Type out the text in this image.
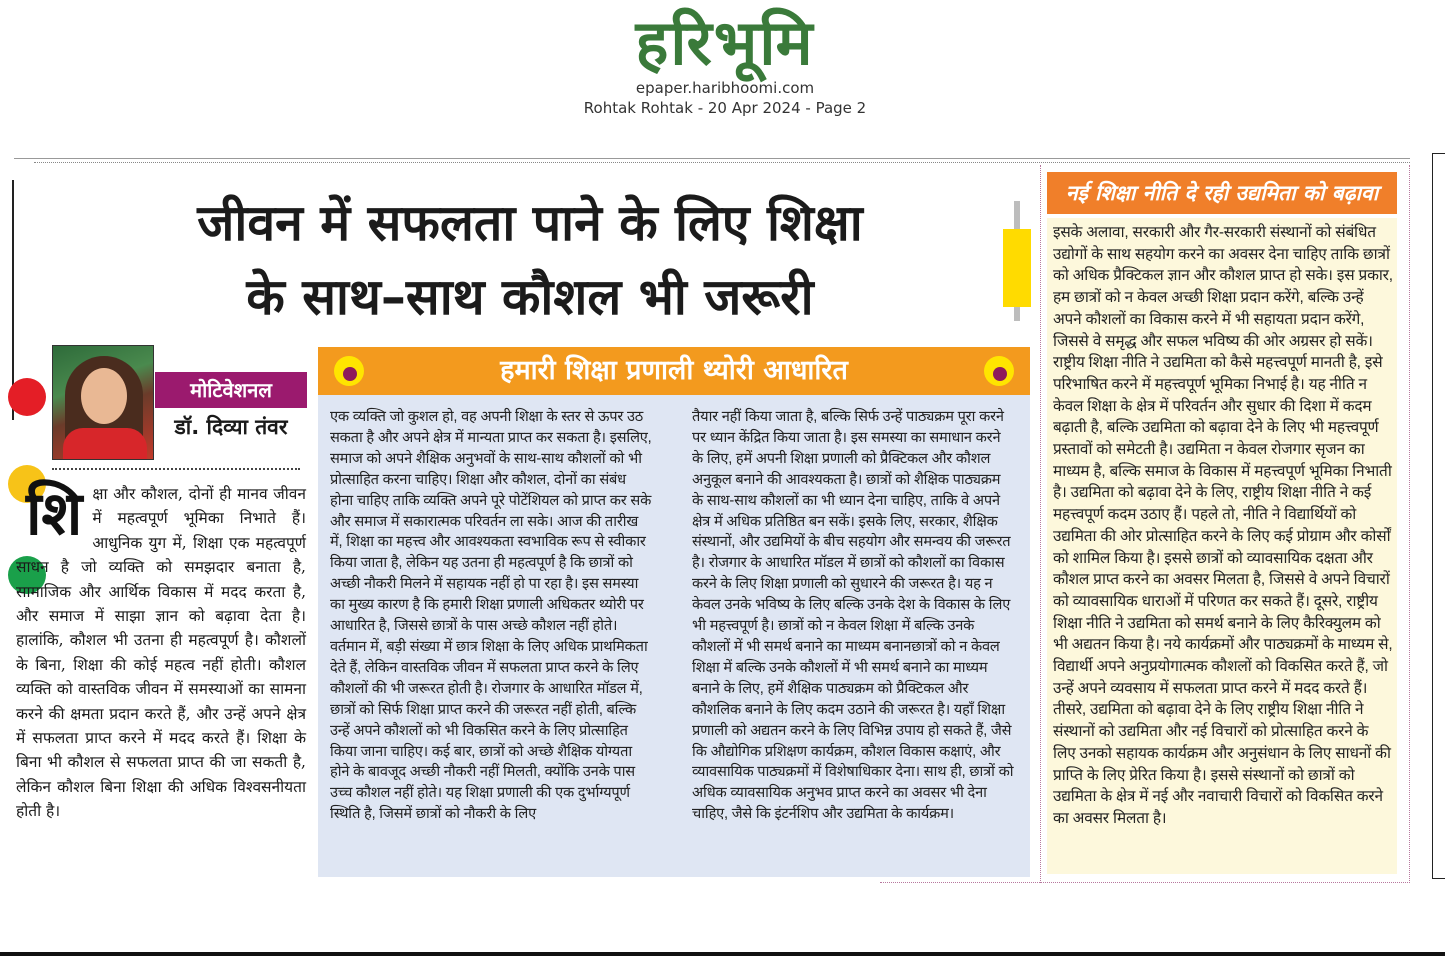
हरिभूमि
epaper.haribhoomi.com
Rohtak Rohtak - 20 Apr 2024 - Page 2
जीवन में सफलता पाने के लिए शिक्षा
के साथ–साथ कौशल भी जरूरी
मोटिवेशनल
डॉ. दिव्या तंवर
शि क्षा और कौशल, दोनों ही मानव जीवन में महत्वपूर्ण भूमिका निभाते हैं। आधुनिक युग में, शिक्षा एक महत्वपूर्ण साधन है जो व्यक्ति को समझदार बनाता है, सामाजिक और आर्थिक विकास में मदद करता है, और समाज में साझा ज्ञान को बढ़ावा देता है। हालांकि, कौशल भी उतना ही महत्वपूर्ण है। कौशलों के बिना, शिक्षा की कोई महत्व नहीं होती। कौशल व्यक्ति को वास्तविक जीवन में समस्याओं का सामना करने की क्षमता प्रदान करते हैं, और उन्हें अपने क्षेत्र में सफलता प्राप्त करने में मदद करते हैं। शिक्षा के बिना भी कौशल से सफलता प्राप्त की जा सकती है, लेकिन कौशल बिना शिक्षा की अधिक विश्वसनीयता होती है।
हमारी शिक्षा प्रणाली थ्योरी आधारित
एक व्यक्ति जो कुशल हो, वह अपनी शिक्षा के स्तर से ऊपर उठ सकता है और अपने क्षेत्र में मान्यता प्राप्त कर सकता है। इसलिए, समाज को अपने शैक्षिक अनुभवों के साथ-साथ कौशलों को भी प्रोत्साहित करना चाहिए। शिक्षा और कौशल, दोनों का संबंध होना चाहिए ताकि व्यक्ति अपने पूरे पोटेंशियल को प्राप्त कर सके और समाज में सकारात्मक परिवर्तन ला सके। आज की तारीख में, शिक्षा का महत्त्व और आवश्यकता स्वभाविक रूप से स्वीकार किया जाता है, लेकिन यह उतना ही महत्वपूर्ण है कि छात्रों को अच्छी नौकरी मिलने में सहायक नहीं हो पा रहा है। इस समस्या का मुख्य कारण है कि हमारी शिक्षा प्रणाली अधिकतर थ्योरी पर आधारित है, जिससे छात्रों के पास अच्छे कौशल नहीं होते। वर्तमान में, बड़ी संख्या में छात्र शिक्षा के लिए अधिक प्राथमिकता देते हैं, लेकिन वास्तविक जीवन में सफलता प्राप्त करने के लिए कौशलों की भी जरूरत होती है। रोजगार के आधारित मॉडल में, छात्रों को सिर्फ शिक्षा प्राप्त करने की जरूरत नहीं होती, बल्कि उन्हें अपने कौशलों को भी विकसित करने के लिए प्रोत्साहित किया जाना चाहिए। कई बार, छात्रों को अच्छे शैक्षिक योग्यता होने के बावजूद अच्छी नौकरी नहीं मिलती, क्योंकि उनके पास उच्च कौशल नहीं होते। यह शिक्षा प्रणाली की एक दुर्भाग्यपूर्ण स्थिति है, जिसमें छात्रों को नौकरी के लिए
तैयार नहीं किया जाता है, बल्कि सिर्फ उन्हें पाठ्यक्रम पूरा करने पर ध्यान केंद्रित किया जाता है। इस समस्या का समाधान करने के लिए, हमें अपनी शिक्षा प्रणाली को प्रैक्टिकल और कौशल अनुकूल बनाने की आवश्यकता है। छात्रों को शैक्षिक पाठ्यक्रम के साथ-साथ कौशलों का भी ध्यान देना चाहिए, ताकि वे अपने क्षेत्र में अधिक प्रतिष्ठित बन सकें। इसके लिए, सरकार, शैक्षिक संस्थानों, और उद्यमियों के बीच सहयोग और समन्वय की जरूरत है। रोजगार के आधारित मॉडल में छात्रों को कौशलों का विकास करने के लिए शिक्षा प्रणाली को सुधारने की जरूरत है। यह न केवल उनके भविष्य के लिए बल्कि उनके देश के विकास के लिए भी महत्त्वपूर्ण है। छात्रों को न केवल शिक्षा में बल्कि उनके कौशलों में भी समर्थ बनाने का माध्यम बनानछात्रों को न केवल शिक्षा में बल्कि उनके कौशलों में भी समर्थ बनाने का माध्यम बनाने के लिए, हमें शैक्षिक पाठ्यक्रम को प्रैक्टिकल और कौशलिक बनाने के लिए कदम उठाने की जरूरत है। यहाँ शिक्षा प्रणाली को अद्यतन करने के लिए विभिन्न उपाय हो सकते हैं, जैसे कि औद्योगिक प्रशिक्षण कार्यक्रम, कौशल विकास कक्षाएं, और व्यावसायिक पाठ्यक्रमों में विशेषाधिकार देना। साथ ही, छात्रों को अधिक व्यावसायिक अनुभव प्राप्त करने का अवसर भी देना चाहिए, जैसे कि इंटर्नशिप और उद्यमिता के कार्यक्रम।
नई शिक्षा नीति दे रही उद्यमिता को बढ़ावा
इसके अलावा, सरकारी और गैर-सरकारी संस्थानों को संबंधित उद्योगों के साथ सहयोग करने का अवसर देना चाहिए ताकि छात्रों को अधिक प्रैक्टिकल ज्ञान और कौशल प्राप्त हो सके। इस प्रकार, हम छात्रों को न केवल अच्छी शिक्षा प्रदान करेंगे, बल्कि उन्हें अपने कौशलों का विकास करने में भी सहायता प्रदान करेंगे, जिससे वे समृद्ध और सफल भविष्य की ओर अग्रसर हो सकें। राष्ट्रीय शिक्षा नीति ने उद्यमिता को कैसे महत्त्वपूर्ण मानती है, इसे परिभाषित करने में महत्त्वपूर्ण भूमिका निभाई है। यह नीति न केवल शिक्षा के क्षेत्र में परिवर्तन और सुधार की दिशा में कदम बढ़ाती है, बल्कि उद्यमिता को बढ़ावा देने के लिए भी महत्त्वपूर्ण प्रस्तावों को समेटती है। उद्यमिता न केवल रोजगार सृजन का माध्यम है, बल्कि समाज के विकास में महत्त्वपूर्ण भूमिका निभाती है। उद्यमिता को बढ़ावा देने के लिए, राष्ट्रीय शिक्षा नीति ने कई महत्त्वपूर्ण कदम उठाए हैं। पहले तो, नीति ने विद्यार्थियों को उद्यमिता की ओर प्रोत्साहित करने के लिए कई प्रोग्राम और कोर्सों को शामिल किया है। इससे छात्रों को व्यावसायिक दक्षता और कौशल प्राप्त करने का अवसर मिलता है, जिससे वे अपने विचारों को व्यावसायिक धाराओं में परिणत कर सकते हैं। दूसरे, राष्ट्रीय शिक्षा नीति ने उद्यमिता को समर्थ बनाने के लिए कैरिक्युलम को भी अद्यतन किया है। नये कार्यक्रमों और पाठ्यक्रमों के माध्यम से, विद्यार्थी अपने अनुप्रयोगात्मक कौशलों को विकसित करते हैं, जो उन्हें अपने व्यवसाय में सफलता प्राप्त करने में मदद करते हैं। तीसरे, उद्यमिता को बढ़ावा देने के लिए राष्ट्रीय शिक्षा नीति ने संस्थानों को उद्यमिता और नई विचारों को प्रोत्साहित करने के लिए उनको सहायक कार्यक्रम और अनुसंधान के लिए साधनों की प्राप्ति के लिए प्रेरित किया है। इससे संस्थानों को छात्रों को उद्यमिता के क्षेत्र में नई और नवाचारी विचारों को विकसित करने का अवसर मिलता है।
